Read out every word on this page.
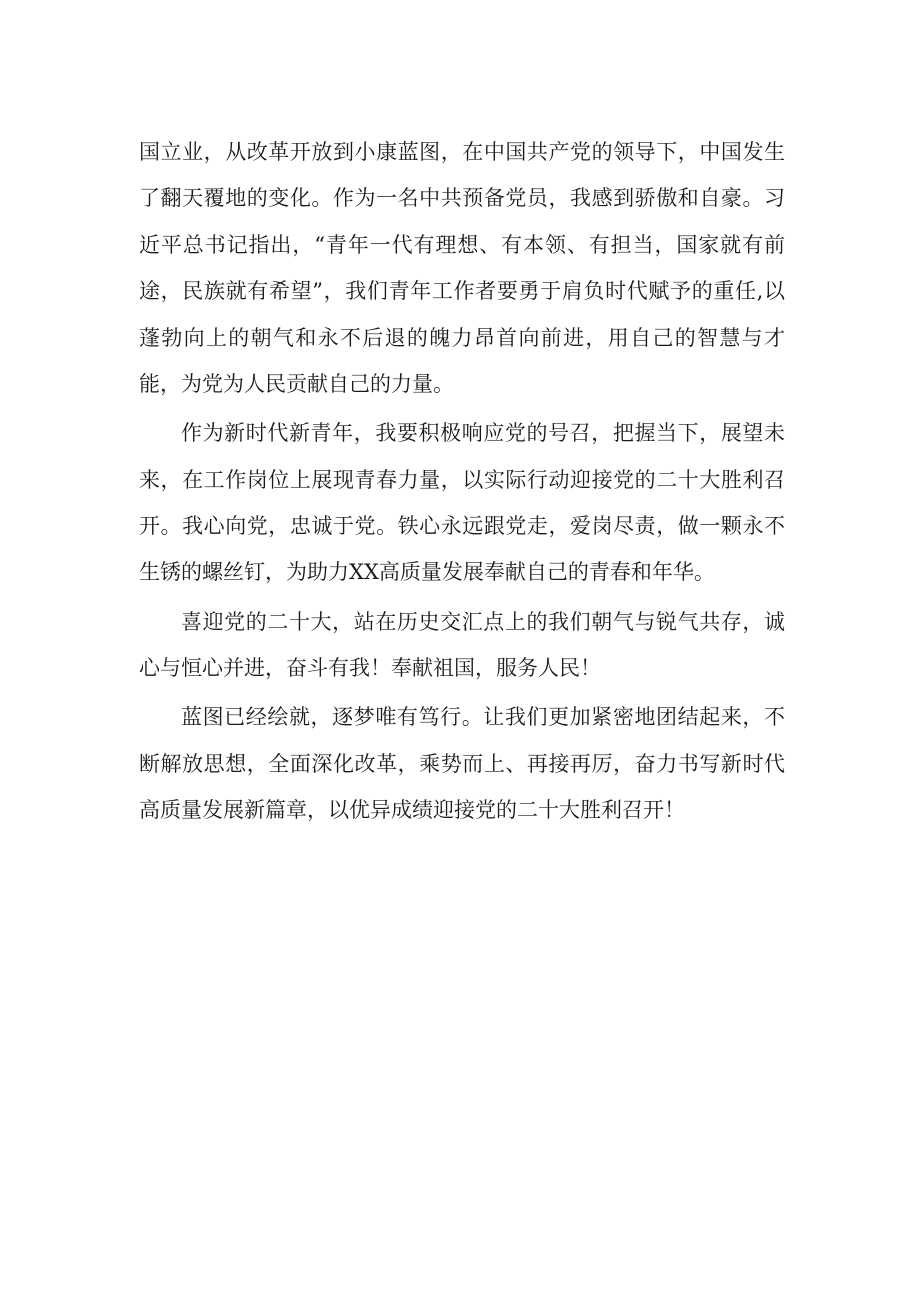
国立业，从改革开放到小康蓝图，在中国共产党的领导下，中国发生了翻天覆地的变化。作为一名中共预备党员，我感到骄傲和自豪。习近平总书记指出，“青年一代有理想、有本领、有担当，国家就有前途，民族就有希望”，我们青年工作者要勇于肩负时代赋予的重任,以蓬勃向上的朝气和永不后退的魄力昂首向前进，用自己的智慧与才能，为党为人民贡献自己的力量。

作为新时代新青年，我要积极响应党的号召，把握当下，展望未来，在工作岗位上展现青春力量，以实际行动迎接党的二十大胜利召开。我心向党，忠诚于党。铁心永远跟党走，爱岗尽责，做一颗永不生锈的螺丝钉，为助力XX高质量发展奉献自己的青春和年华。

喜迎党的二十大，站在历史交汇点上的我们朝气与锐气共存，诚心与恒心并进，奋斗有我！奉献祖国，服务人民！

蓝图已经绘就，逐梦唯有笃行。让我们更加紧密地团结起来，不断解放思想，全面深化改革，乘势而上、再接再厉，奋力书写新时代高质量发展新篇章，以优异成绩迎接党的二十大胜利召开！
